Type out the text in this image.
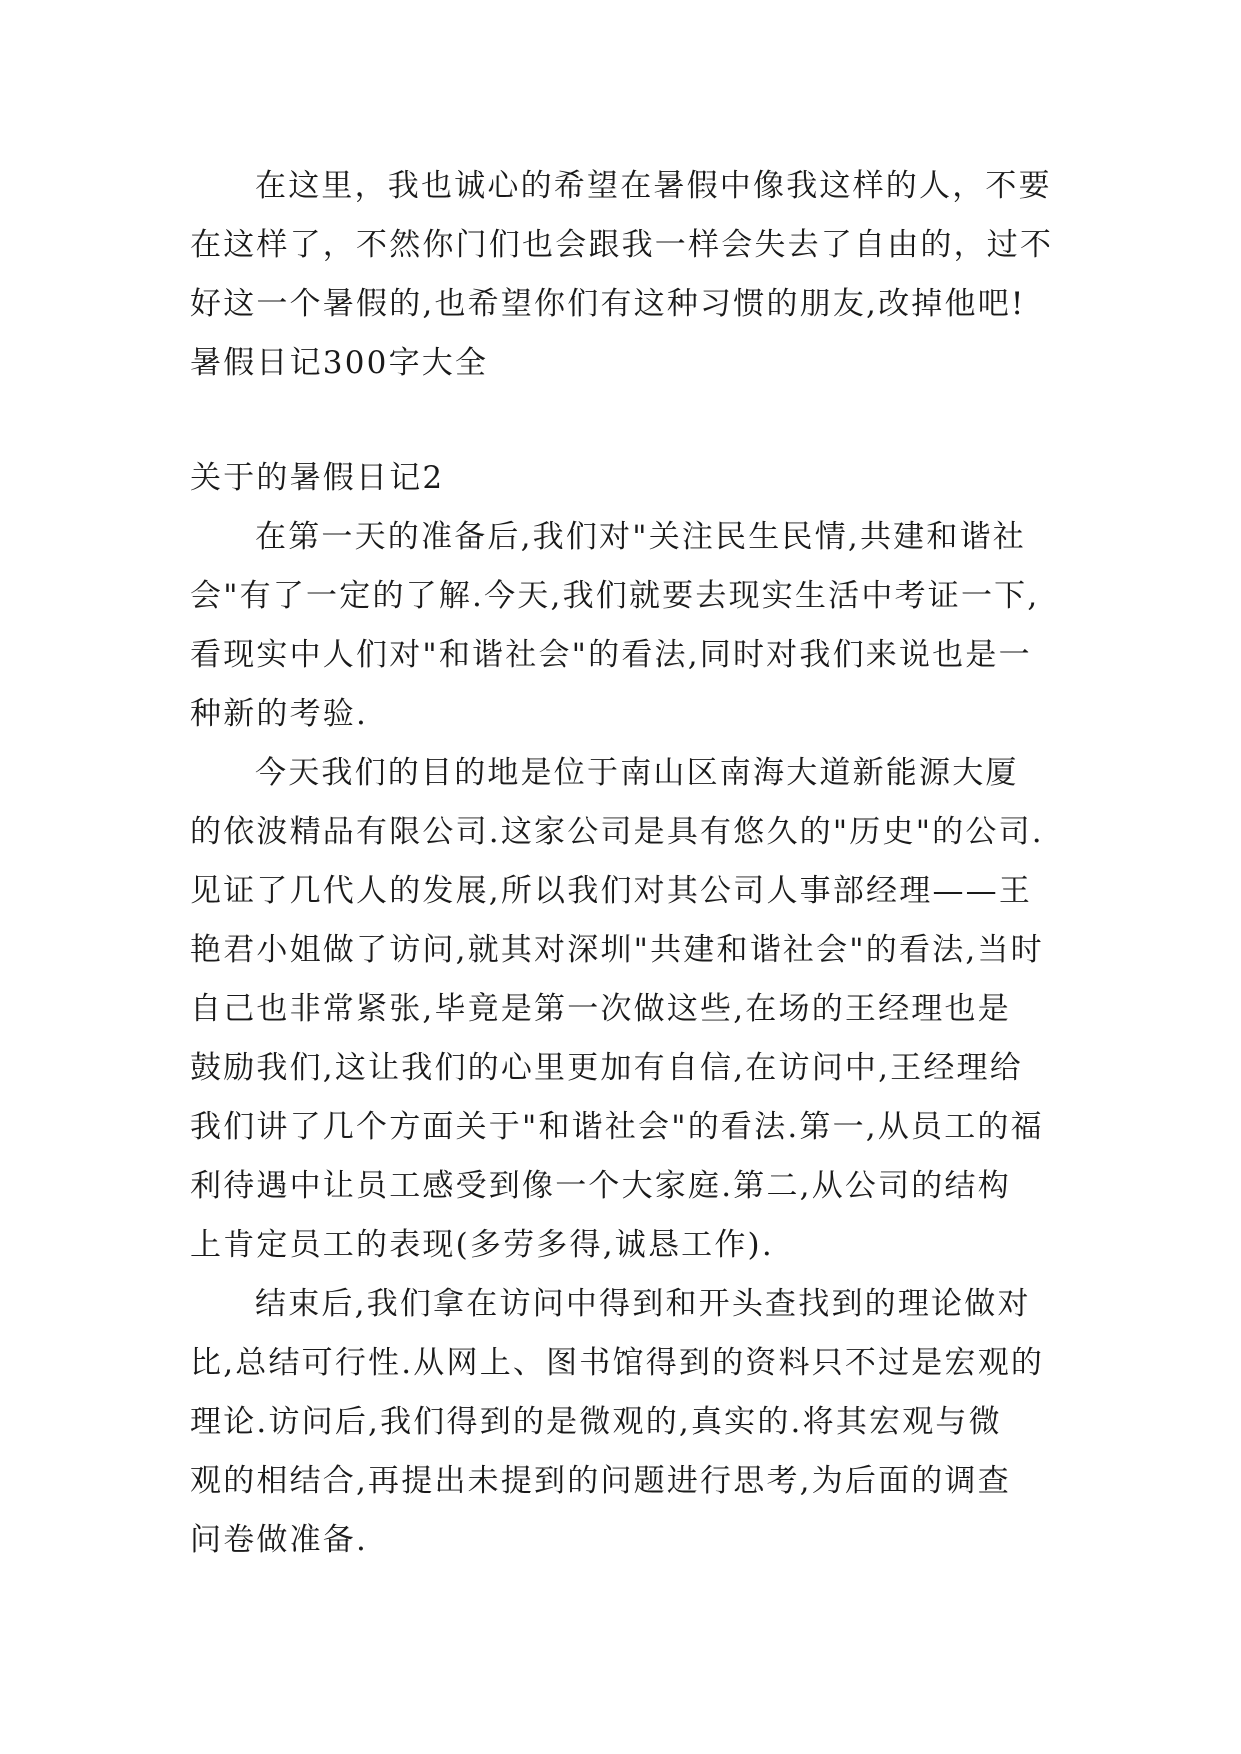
在这里，我也诚心的希望在暑假中像我这样的人，不要
在这样了，不然你门们也会跟我一样会失去了自由的，过不
好这一个暑假的,也希望你们有这种习惯的朋友,改掉他吧!
暑假日记300字大全
关于的暑假日记2
在第一天的准备后,我们对"关注民生民情,共建和谐社
会"有了一定的了解.今天,我们就要去现实生活中考证一下,
看现实中人们对"和谐社会"的看法,同时对我们来说也是一
种新的考验.
今天我们的目的地是位于南山区南海大道新能源大厦
的依波精品有限公司.这家公司是具有悠久的"历史"的公司.
见证了几代人的发展,所以我们对其公司人事部经理——王
艳君小姐做了访问,就其对深圳"共建和谐社会"的看法,当时
自己也非常紧张,毕竟是第一次做这些,在场的王经理也是
鼓励我们,这让我们的心里更加有自信,在访问中,王经理给
我们讲了几个方面关于"和谐社会"的看法.第一,从员工的福
利待遇中让员工感受到像一个大家庭.第二,从公司的结构
上肯定员工的表现(多劳多得,诚恳工作).
结束后,我们拿在访问中得到和开头查找到的理论做对
比,总结可行性.从网上、图书馆得到的资料只不过是宏观的
理论.访问后,我们得到的是微观的,真实的.将其宏观与微
观的相结合,再提出未提到的问题进行思考,为后面的调查
问卷做准备.
